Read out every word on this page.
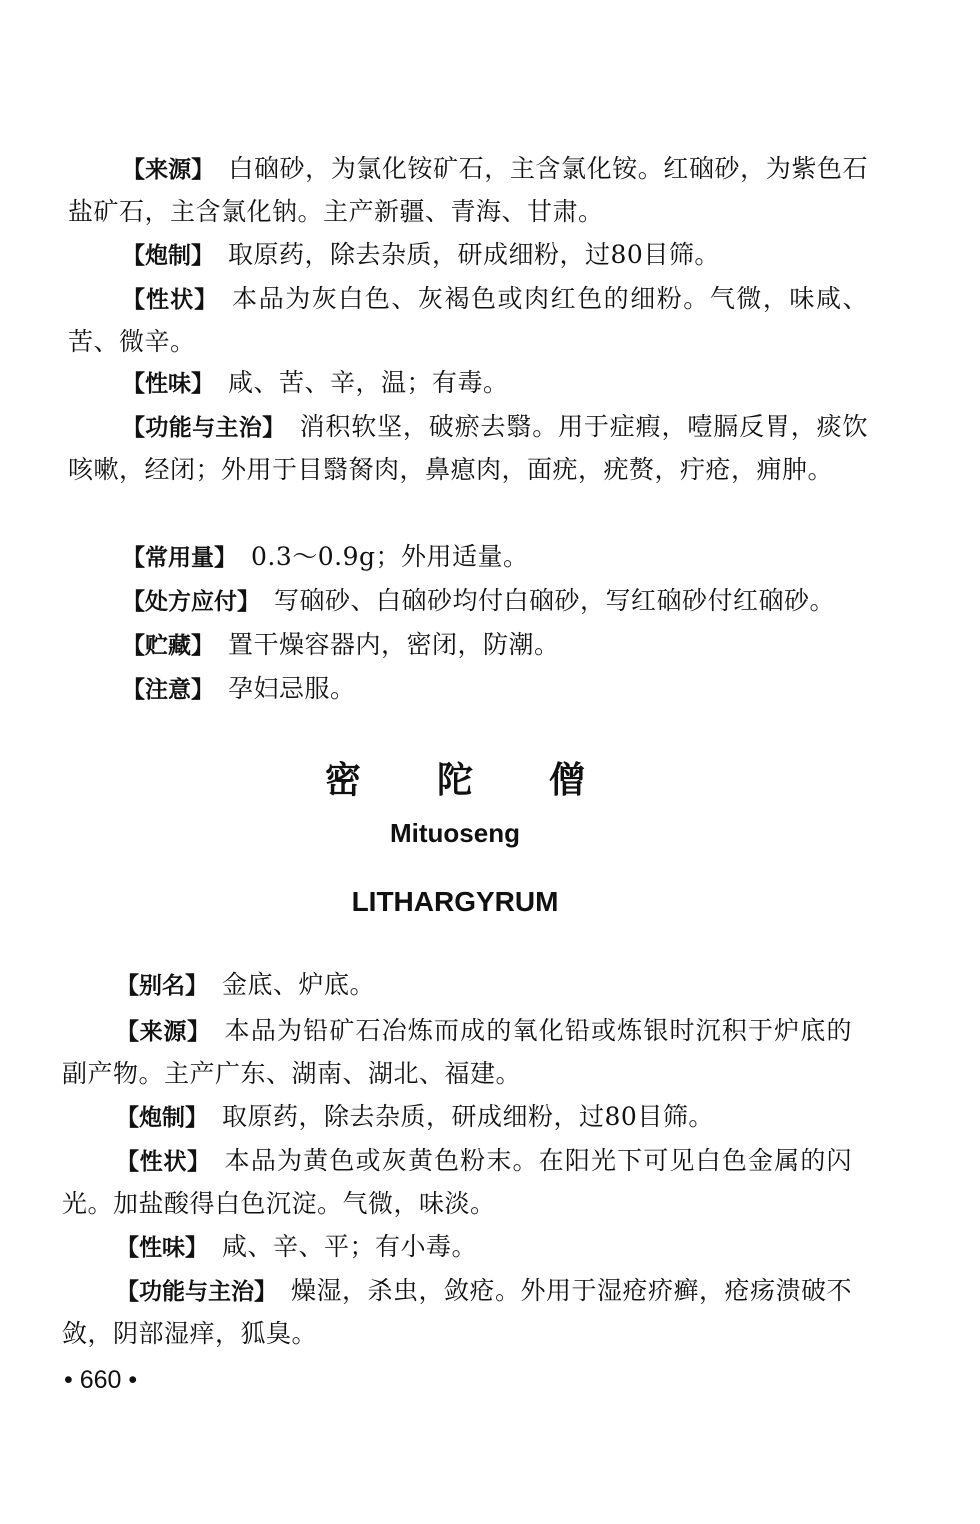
【来源】 白硇砂，为氯化铵矿石，主含氯化铵。红硇砂，为紫色石盐矿石，主含氯化钠。主产新疆、青海、甘肃。

【炮制】 取原药，除去杂质，研成细粉，过80目筛。

【性状】 本品为灰白色、灰褐色或肉红色的细粉。气微，味咸、苦、微辛。

【性味】 咸、苦、辛，温；有毒。

【功能与主治】 消积软坚，破瘀去翳。用于症瘕，噎膈反胃，痰饮咳嗽，经闭；外用于目翳胬肉，鼻瘜肉，面疣，疣赘，疔疮，痈肿。

【常用量】 0.3～0.9g；外用适量。

【处方应付】 写硇砂、白硇砂均付白硇砂，写红硇砂付红硇砂。

【贮藏】 置干燥容器内，密闭，防潮。

【注意】 孕妇忌服。

密陀僧

Mituoseng

LITHARGYRUM

【别名】 金底、炉底。

【来源】 本品为铅矿石冶炼而成的氧化铅或炼银时沉积于炉底的副产物。主产广东、湖南、湖北、福建。

【炮制】 取原药，除去杂质，研成细粉，过80目筛。

【性状】 本品为黄色或灰黄色粉末。在阳光下可见白色金属的闪光。加盐酸得白色沉淀。气微，味淡。

【性味】 咸、辛、平；有小毒。

【功能与主治】 燥湿，杀虫，敛疮。外用于湿疮疥癣，疮疡溃破不敛，阴部湿痒，狐臭。

• 660 •
